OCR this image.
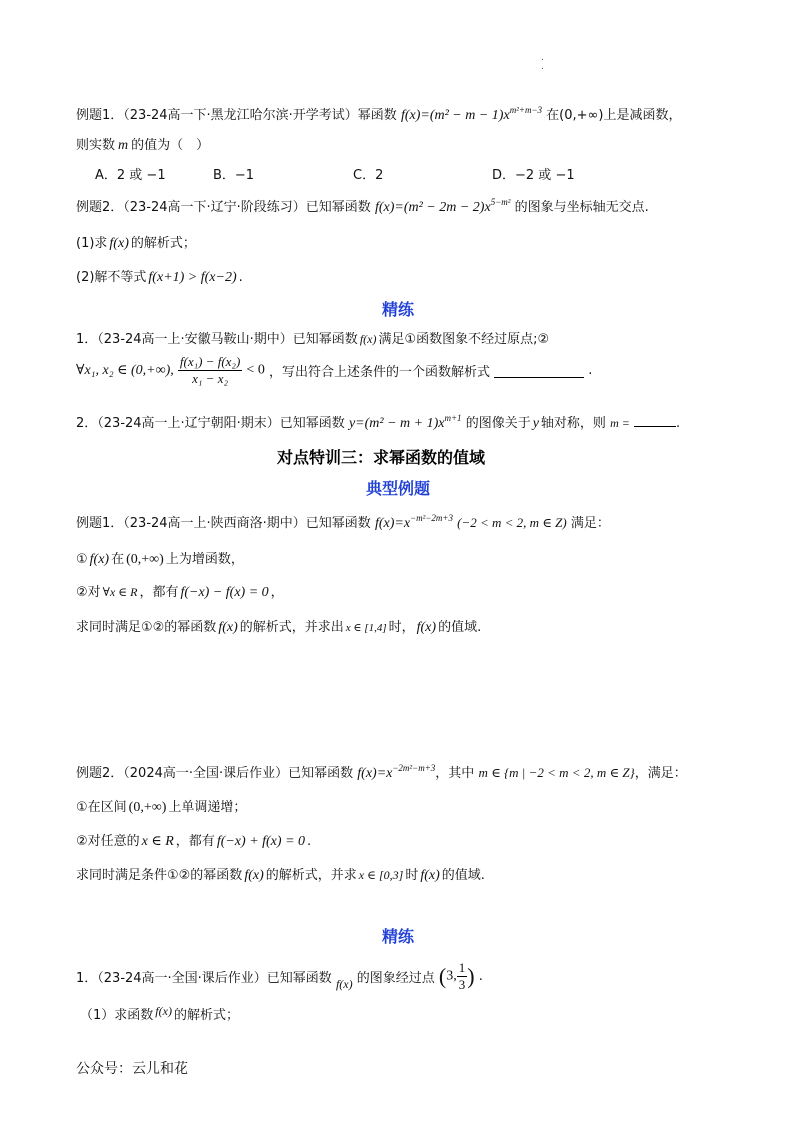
.
.
例题1．（23-24高一下·黑龙江哈尔滨·开学考试）幂函数 $f(x)=(m^2 - m - 1)x^{m^2+m-3}$ 在(0,+∞)上是减函数，
则实数 m 的值为（　）
A．2 或 −1	B．−1	C．2	D．−2 或 −1
例题2．（23-24高一下·辽宁·阶段练习）已知幂函数 $f(x)=(m^2 - 2m - 2)x^{5-m^2}$ 的图象与坐标轴无交点.
(1)求 f(x) 的解析式；
(2)解不等式 f(x+1) > f(x−2) .
精练
1．（23-24高一上·安徽马鞍山·期中）已知幂函数 f(x) 满足①函数图象不经过原点;②
∀x₁, x₂ ∈ (0,+∞), $\frac{\text{f(x₁) − f(x₂)}}{\text{x₁ − x₂}} < 0$ ，写出符合上述条件的一个函数解析式	.
2．（23-24高一上·辽宁朝阳·期末）已知幂函数 $y=(m^2 - m + 1)x^{m+1}$ 的图像关于 y 轴对称，则 m =	.
对点特训三：求幂函数的值域
典型例题
例题1．（23-24高一上·陕西商洛·期中）已知幂函数 $f(x)=x^{-m^2-2m+3}$ (−2 < m < 2, m ∈ Z) 满足：
① f(x) 在 (0,+∞) 上为增函数，
②对 ∀x ∈ R ，都有 f(−x) − f(x) = 0 ，
求同时满足①②的幂函数 f(x) 的解析式，并求出 x ∈ [1,4] 时， f(x) 的值域.
例题2．（2024高一·全国·课后作业）已知幂函数 $f(x)=x^{-2m^2-m+3}$，其中 m ∈ {m | −2 < m < 2, m ∈ Z}，满足：
①在区间 (0,+∞) 上单调递增；
②对任意的 x ∈ R ，都有 f(−x) + f(x) = 0 .
求同时满足条件①②的幂函数 f(x) 的解析式，并求 x ∈ [0,3] 时 f(x) 的值域.
精练
1．（23-24高一·全国·课后作业）已知幂函数 f(x) 的图象经过点 (3, $\frac{1}{3}$ ) .
（1）求函数 f(x) 的解析式；
公众号：云儿和花
